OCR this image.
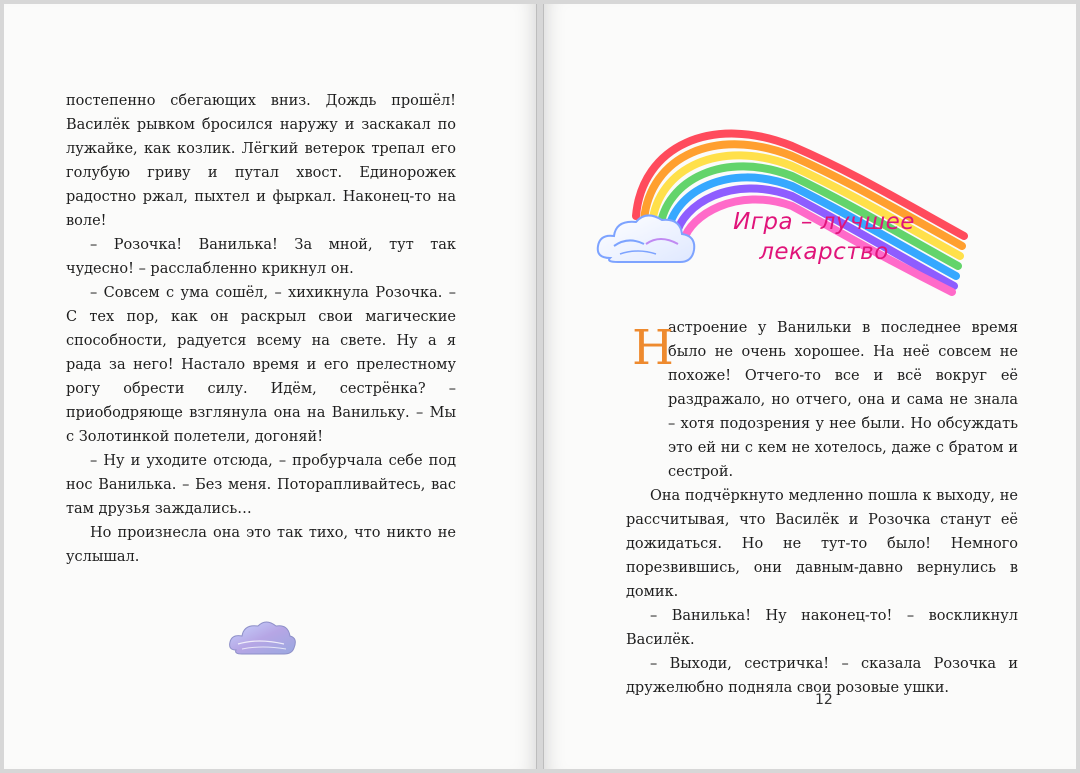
постепенно сбегающих вниз. Дождь прошёл! Василёк рывком бросился наружу и заскакал по лужайке, как козлик. Лёгкий ветерок трепал его голубую гриву и путал хвост. Единорожек радостно ржал, пыхтел и фыркал. Наконец-то на воле!

– Розочка! Ванилька! За мной, тут так чудесно! – расслабленно крикнул он.

– Совсем с ума сошёл, – хихикнула Розочка. – С тех пор, как он раскрыл свои магические способности, радуется всему на свете. Ну а я рада за него! Настало время и его прелестному рогу обрести силу. Идём, сестрёнка? – приободряюще взглянула она на Ванильку. – Мы с Золотинкой полетели, догоняй!

– Ну и уходите отсюда, – пробурчала себе под нос Ванилька. – Без меня. Поторапливайтесь, вас там друзья заждались…

Но произнесла она это так тихо, что никто не услышал.

Игра – лучшее
лекарство
Н

астроение у Ванильки в последнее время было не очень хорошее. На неё совсем не похоже! Отчего-то все и всё вокруг её раздражало, но отчего, она и сама не знала – хотя подозрения у нее были. Но обсуждать это ей ни с кем не хотелось, даже с братом и сестрой.

Она подчёркнуто медленно пошла к выходу, не рассчитывая, что Василёк и Розочка станут её дожидаться. Но не тут-то было! Немного порезвившись, они давным-давно вернулись в домик.

– Ванилька! Ну наконец-то! – воскликнул Василёк.

– Выходи, сестричка! – сказала Розочка и дружелюбно подняла свои розовые ушки.

12
